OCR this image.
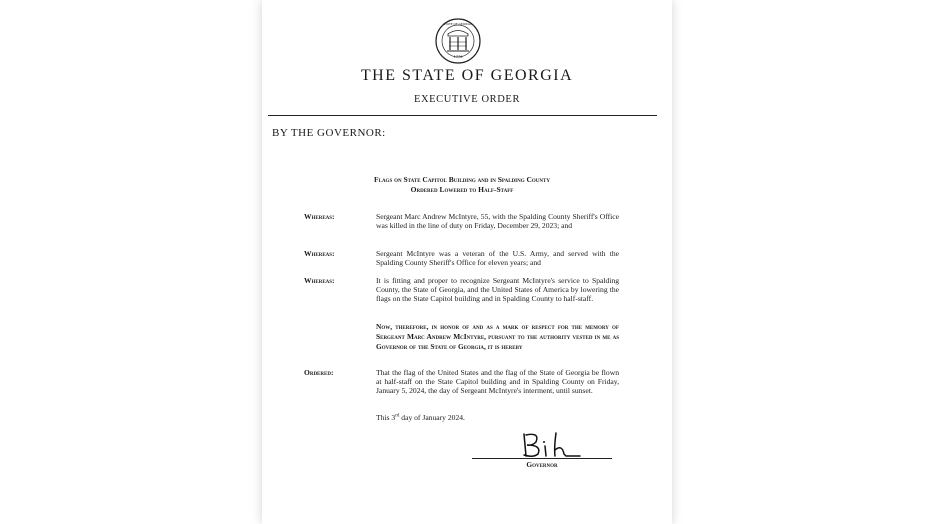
1776
STATE OF GEORGIA
THE STATE OF GEORGIA
EXECUTIVE ORDER
BY THE GOVERNOR:
Flags on State Capitol Building and in Spalding County
Ordered Lowered to Half-Staff
Whereas:	Sergeant Marc Andrew McIntyre, 55, with the Spalding County Sheriff's Office was killed in the line of duty on Friday, December 29, 2023; and
Whereas:	Sergeant McIntyre was a veteran of the U.S. Army, and served with the Spalding County Sheriff's Office for eleven years; and
Whereas:	It is fitting and proper to recognize Sergeant McIntyre's service to Spalding County, the State of Georgia, and the United States of America by lowering the flags on the State Capitol building and in Spalding County to half-staff.
Now, therefore, in honor of and as a mark of respect for the memory of Sergeant Marc Andrew McIntyre, pursuant to the authority vested in me as Governor of the State of Georgia, it is hereby
Ordered:	That the flag of the United States and the flag of the State of Georgia be flown at half-staff on the State Capitol building and in Spalding County on Friday, January 5, 2024, the day of Sergeant McIntyre's interment, until sunset.
This 3rd day of January 2024.
Governor
